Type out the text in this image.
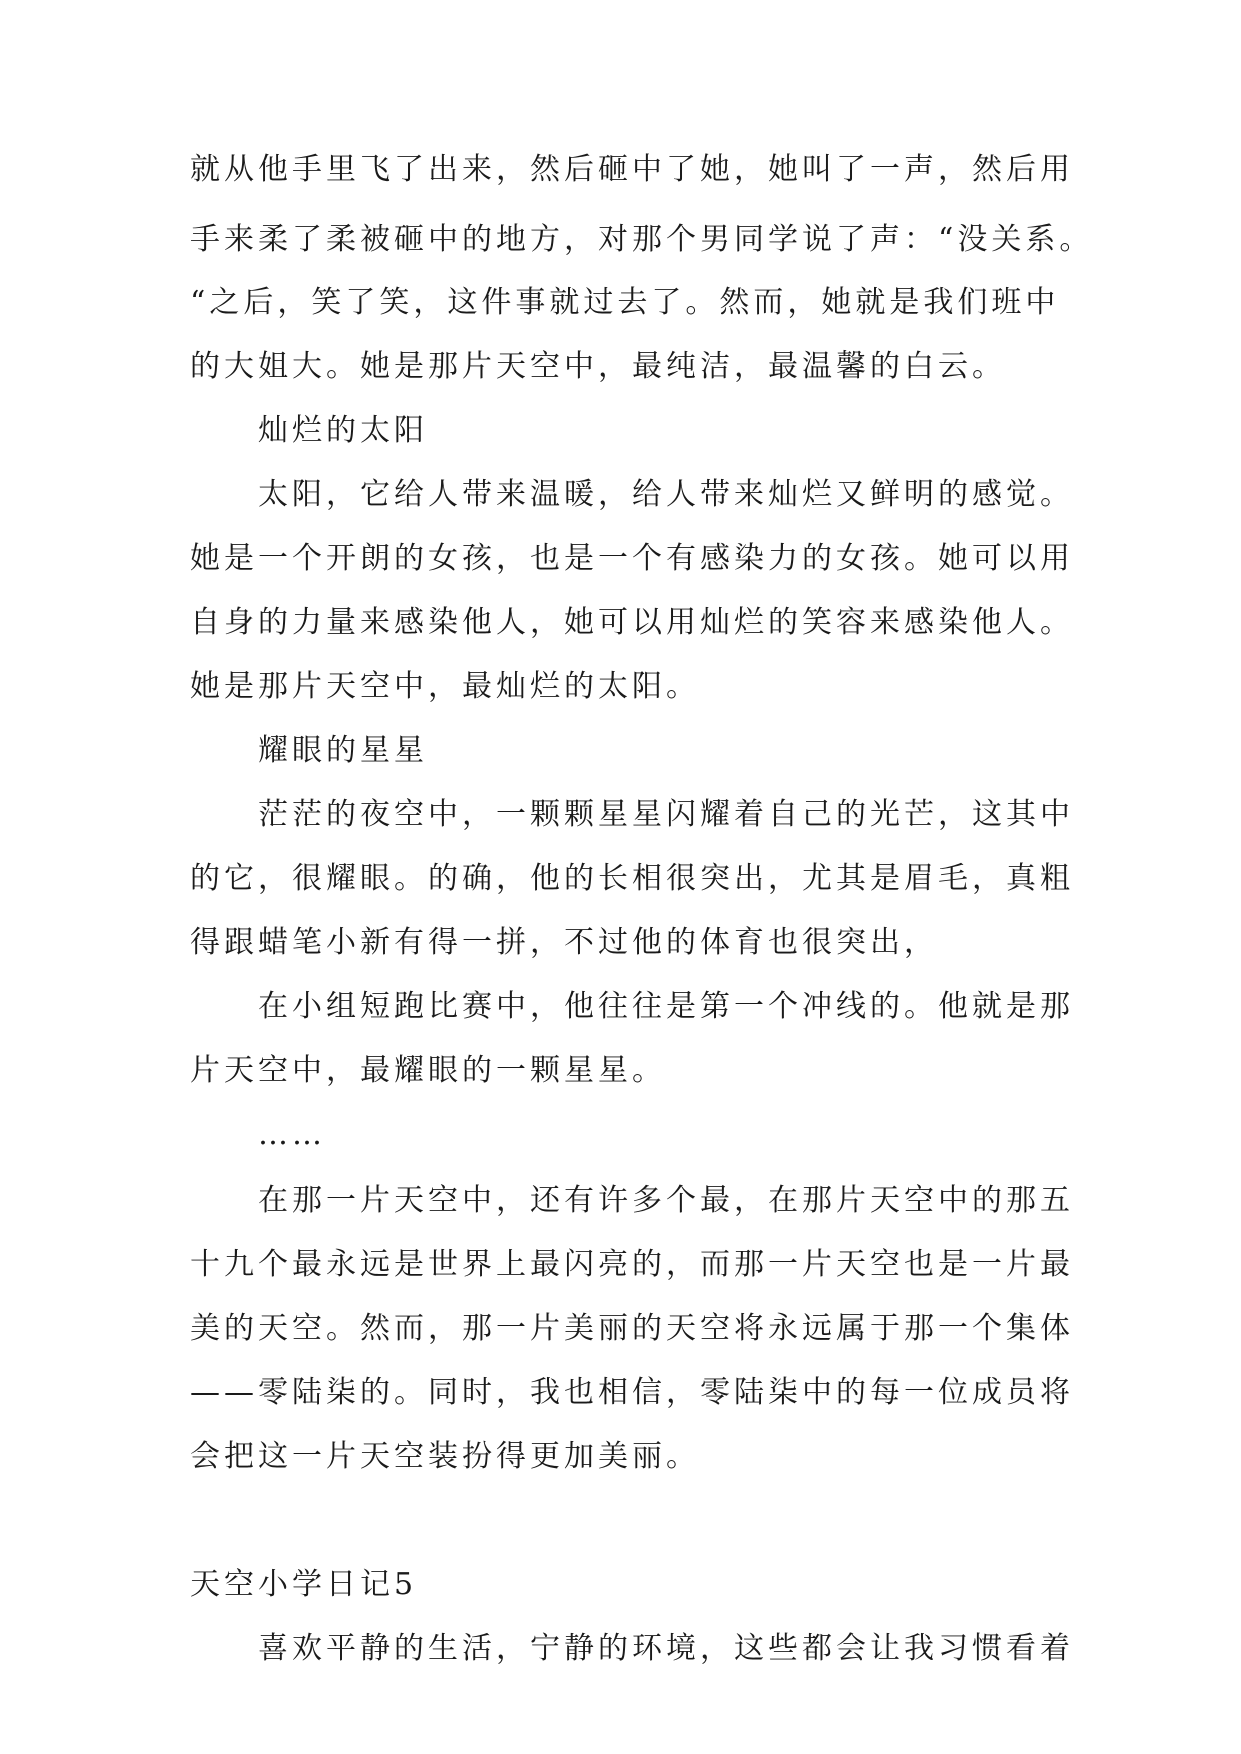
就从他手里飞了出来，然后砸中了她，她叫了一声，然后用
手来柔了柔被砸中的地方，对那个男同学说了声：“没关系。
“之后，笑了笑，这件事就过去了。然而，她就是我们班中
的大姐大。她是那片天空中，最纯洁，最温馨的白云。
灿烂的太阳
太阳，它给人带来温暖，给人带来灿烂又鲜明的感觉。
她是一个开朗的女孩，也是一个有感染力的女孩。她可以用
自身的力量来感染他人，她可以用灿烂的笑容来感染他人。
她是那片天空中，最灿烂的太阳。
耀眼的星星
茫茫的夜空中，一颗颗星星闪耀着自己的光芒，这其中
的它，很耀眼。的确，他的长相很突出，尤其是眉毛，真粗
得跟蜡笔小新有得一拼，不过他的体育也很突出，
在小组短跑比赛中，他往往是第一个冲线的。他就是那
片天空中，最耀眼的一颗星星。
……
在那一片天空中，还有许多个最，在那片天空中的那五
十九个最永远是世界上最闪亮的，而那一片天空也是一片最
美的天空。然而，那一片美丽的天空将永远属于那一个集体
——零陆柒的。同时，我也相信，零陆柒中的每一位成员将
会把这一片天空装扮得更加美丽。
天空小学日记5
喜欢平静的生活，宁静的环境，这些都会让我习惯看着
